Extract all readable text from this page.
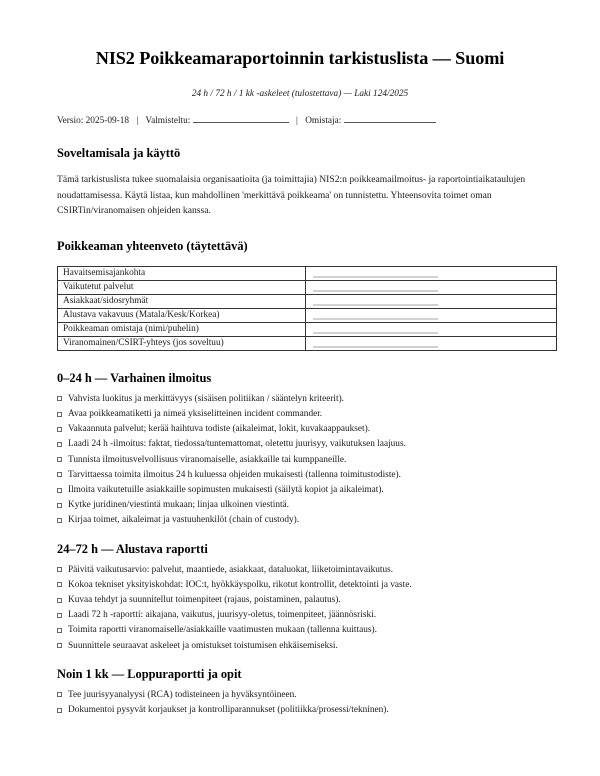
NIS2 Poikkeamaraportoinnin tarkistuslista — Suomi

24 h / 72 h / 1 kk -askeleet (tulostettava) — Laki 124/2025

Versio: 2025-09-18 | Valmisteltu:	| Omistaja:

Soveltamisala ja käyttö

Tämä tarkistuslista tukee suomalaisia organisaatioita (ja toimittajia) NIS2:n poikkeamailmoitus- ja raportointiaikataulujen noudattamisessa. Käytä listaa, kun mahdollinen 'merkittävä poikkeama' on tunnistettu. Yhteensovita toimet oman CSIRTin/viranomaisen ohjeiden kanssa.

Poikkeaman yhteenveto (täytettävä)
Havaitsemisajankohta	

Vaikutetut palvelut	

Asiakkaat/sidosryhmät	

Alustava vakavuus (Matala/Kesk/Korkea)	

Poikkeaman omistaja (nimi/puhelin)	

Viranomainen/CSIRT-yhteys (jos soveltuu)	
0–24 h — Varhainen ilmoitus
Vahvista luokitus ja merkittävyys (sisäisen politiikan / sääntelyn kriteerit).
Avaa poikkeamatiketti ja nimeä yksiselitteinen incident commander.
Vakaannuta palvelut; kerää haihtuva todiste (aikaleimat, lokit, kuvakaappaukset).
Laadi 24 h -ilmoitus: faktat, tiedossa/tuntemattomat, oletettu juurisyy, vaikutuksen laajuus.
Tunnista ilmoitusvelvollisuus viranomaiselle, asiakkaille tai kumppaneille.
Tarvittaessa toimita ilmoitus 24 h kuluessa ohjeiden mukaisesti (tallenna toimitustodiste).
Ilmoita vaikutetuille asiakkaille sopimusten mukaisesti (säilytä kopiot ja aikaleimat).
Kytke juridinen/viestintä mukaan; linjaa ulkoinen viestintä.
Kirjaa toimet, aikaleimat ja vastuuhenkilöt (chain of custody).
24–72 h — Alustava raportti
Päivitä vaikutusarvio: palvelut, maantiede, asiakkaat, dataluokat, liiketoimintavaikutus.
Kokoa tekniset yksityiskohdat: IOC:t, hyökkäyspolku, rikotut kontrollit, detektointi ja vaste.
Kuvaa tehdyt ja suunnitellut toimenpiteet (rajaus, poistaminen, palautus).
Laadi 72 h -raportti: aikajana, vaikutus, juurisyy-oletus, toimenpiteet, jäännösriski.
Toimita raportti viranomaiselle/asiakkaille vaatimusten mukaan (tallenna kuittaus).
Suunnittele seuraavat askeleet ja omistukset toistumisen ehkäisemiseksi.
Noin 1 kk — Loppuraportti ja opit
Tee juurisyyanalyysi (RCA) todisteineen ja hyväksyntöineen.
Dokumentoi pysyvät korjaukset ja kontrolliparannukset (politiikka/prosessi/tekninen).
